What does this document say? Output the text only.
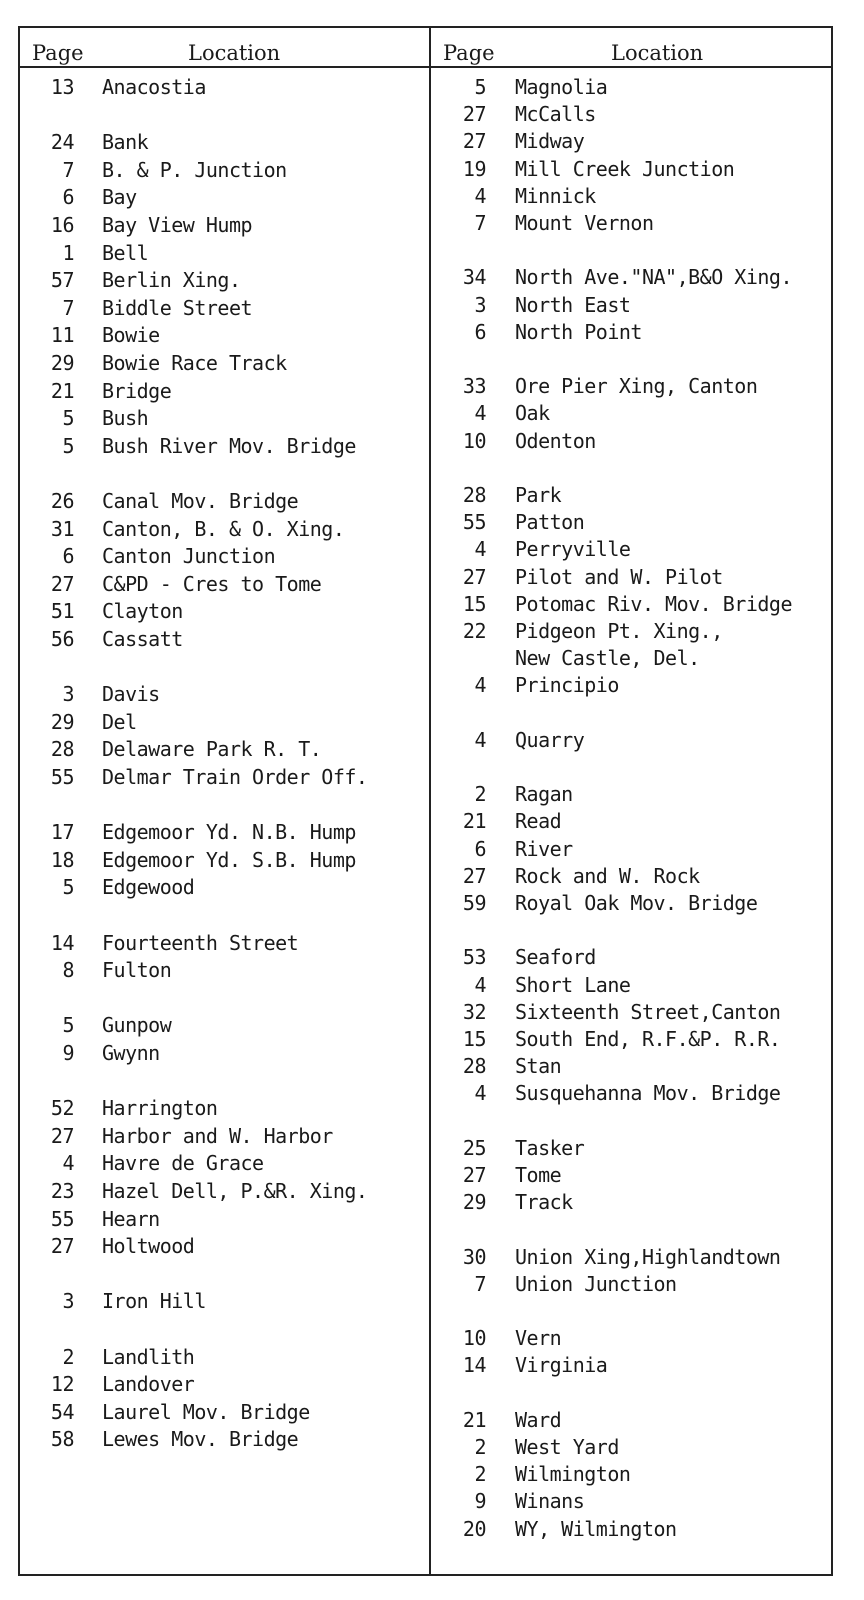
Page	Location
13 Anacostia
24 Bank
7 B. & P. Junction
6 Bay
16 Bay View Hump
1 Bell
57 Berlin Xing.
7 Biddle Street
11 Bowie
29 Bowie Race Track
21 Bridge
5 Bush
5 Bush River Mov. Bridge
26 Canal Mov. Bridge
31 Canton, B. & O. Xing.
6 Canton Junction
27 C&PD - Cres to Tome
51 Clayton
56 Cassatt
3 Davis
29 Del
28 Delaware Park R. T.
55 Delmar Train Order Off.
17 Edgemoor Yd. N.B. Hump
18 Edgemoor Yd. S.B. Hump
5 Edgewood
14 Fourteenth Street
8 Fulton
5 Gunpow
9 Gwynn
52 Harrington
27 Harbor and W. Harbor
4 Havre de Grace
23 Hazel Dell, P.&R. Xing.
55 Hearn
27 Holtwood
3 Iron Hill
2 Landlith
12 Landover
54 Laurel Mov. Bridge
58 Lewes Mov. Bridge
Page	Location
5 Magnolia
27 McCalls
27 Midway
19 Mill Creek Junction
4 Minnick
7 Mount Vernon
34 North Ave."NA",B&O Xing.
3 North East
6 North Point
33 Ore Pier Xing, Canton
4 Oak
10 Odenton
28 Park
55 Patton
4 Perryville
27 Pilot and W. Pilot
15 Potomac Riv. Mov. Bridge
22 Pidgeon Pt. Xing.,
New Castle, Del.
4 Principio
4 Quarry
2 Ragan
21 Read
6 River
27 Rock and W. Rock
59 Royal Oak Mov. Bridge
53 Seaford
4 Short Lane
32 Sixteenth Street,Canton
15 South End, R.F.&P. R.R.
28 Stan
4 Susquehanna Mov. Bridge
25 Tasker
27 Tome
29 Track
30 Union Xing,Highlandtown
7 Union Junction
10 Vern
14 Virginia
21 Ward
2 West Yard
2 Wilmington
9 Winans
20 WY, Wilmington
